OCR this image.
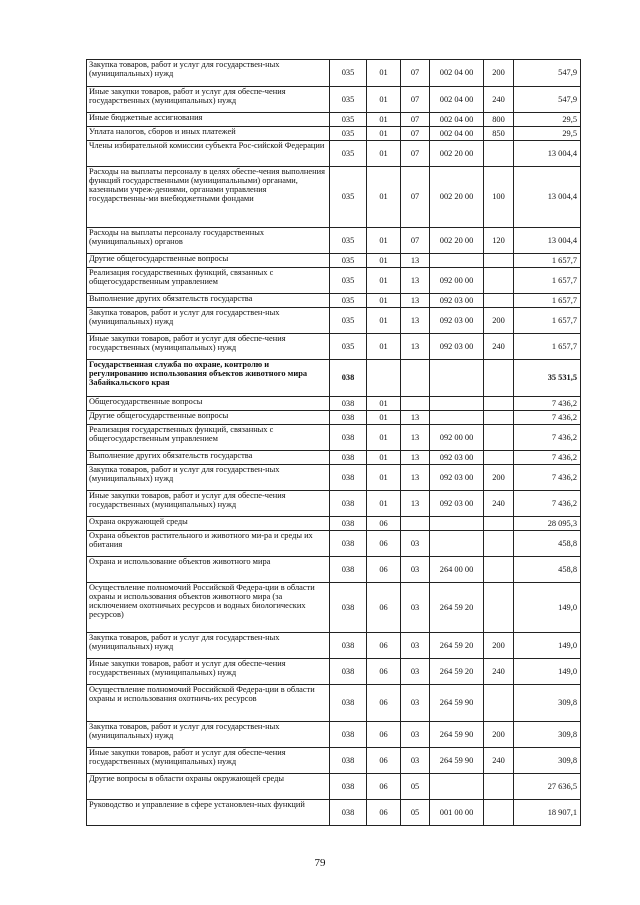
Закупка товаров, работ и услуг для государствен-ных (муниципальных) нужд	035	01	07	002 04 00	200	547,9
Иные закупки товаров, работ и услуг для обеспе-чения государственных (муниципальных) нужд	035	01	07	002 04 00	240	547,9
Иные бюджетные ассигнования	035	01	07	002 04 00	800	29,5
Уплата налогов, сборов и иных платежей	035	01	07	002 04 00	850	29,5
Члены избирательной комиссии субъекта Рос-сийской Федерации	035	01	07	002 20 00		13 004,4
Расходы на выплаты персоналу в целях обеспе-чения выполнения функций государственными (муниципальными) органами, казенными учреж-дениями, органами управления государственны-ми внебюджетными фондами	035	01	07	002 20 00	100	13 004,4
Расходы на выплаты персоналу государственных (муниципальных) органов	035	01	07	002 20 00	120	13 004,4
Другие общегосударственные вопросы	035	01	13			1 657,7
Реализация государственных функций, связанных с общегосударственным управлением	035	01	13	092 00 00		1 657,7
Выполнение других обязательств государства	035	01	13	092 03 00		1 657,7
Закупка товаров, работ и услуг для государствен-ных (муниципальных) нужд	035	01	13	092 03 00	200	1 657,7
Иные закупки товаров, работ и услуг для обеспе-чения государственных (муниципальных) нужд	035	01	13	092 03 00	240	1 657,7
Государственная служба по охране, контролю и регулированию использования объектов животного мира Забайкальского края	038					35 531,5
Общегосударственные вопросы	038	01				7 436,2
Другие общегосударственные вопросы	038	01	13			7 436,2
Реализация государственных функций, связанных с общегосударственным управлением	038	01	13	092 00 00		7 436,2
Выполнение других обязательств государства	038	01	13	092 03 00		7 436,2
Закупка товаров, работ и услуг для государствен-ных (муниципальных) нужд	038	01	13	092 03 00	200	7 436,2
Иные закупки товаров, работ и услуг для обеспе-чения государственных (муниципальных) нужд	038	01	13	092 03 00	240	7 436,2
Охрана окружающей среды	038	06				28 095,3
Охрана объектов растительного и животного ми-ра и среды их обитания	038	06	03			458,8
Охрана и использование объектов животного мира	038	06	03	264 00 00		458,8
Осуществление полномочий Российской Федера-ции в области охраны и использования объектов животного мира (за исключением охотничьих ресурсов и водных биологических ресурсов)	038	06	03	264 59 20		149,0
Закупка товаров, работ и услуг для государствен-ных (муниципальных) нужд	038	06	03	264 59 20	200	149,0
Иные закупки товаров, работ и услуг для обеспе-чения государственных (муниципальных) нужд	038	06	03	264 59 20	240	149,0
Осуществление полномочий Российской Федера-ции в области охраны и использования охотничь-их ресурсов	038	06	03	264 59 90		309,8
Закупка товаров, работ и услуг для государствен-ных (муниципальных) нужд	038	06	03	264 59 90	200	309,8
Иные закупки товаров, работ и услуг для обеспе-чения государственных (муниципальных) нужд	038	06	03	264 59 90	240	309,8
Другие вопросы в области охраны окружающей среды	038	06	05			27 636,5
Руководство и управление в сфере установлен-ных функций	038	06	05	001 00 00		18 907,1
79
